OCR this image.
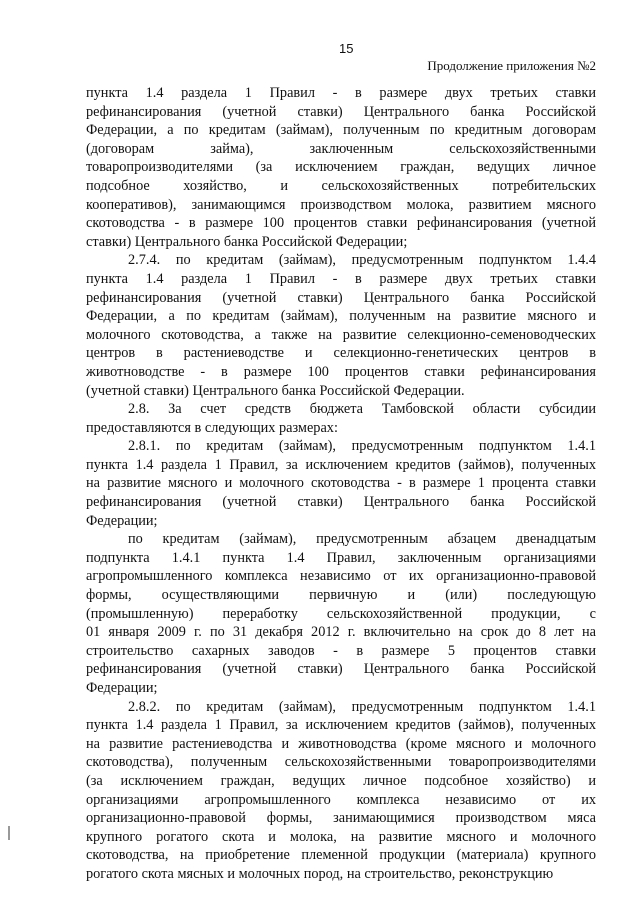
15
Продолжение приложения №2
пункта 1.4 раздела 1 Правил - в размере двух третьих ставки
рефинансирования (учетной ставки) Центрального банка Российской
Федерации, а по кредитам (займам), полученным по кредитным договорам
(договорам займа), заключенным сельскохозяйственными
товаропроизводителями (за исключением граждан, ведущих личное
подсобное хозяйство, и сельскохозяйственных потребительских
кооперативов), занимающимся производством молока, развитием мясного
скотоводства - в размере 100 процентов ставки рефинансирования (учетной
ставки) Центрального банка Российской Федерации;
2.7.4. по кредитам (займам), предусмотренным подпунктом 1.4.4
пункта 1.4 раздела 1 Правил - в размере двух третьих ставки
рефинансирования (учетной ставки) Центрального банка Российской
Федерации, а по кредитам (займам), полученным на развитие мясного и
молочного скотоводства, а также на развитие селекционно-семеноводческих
центров в растениеводстве и селекционно-генетических центров в
животноводстве - в размере 100 процентов ставки рефинансирования
(учетной ставки) Центрального банка Российской Федерации.
2.8. За счет средств бюджета Тамбовской области субсидии
предоставляются в следующих размерах:
2.8.1. по кредитам (займам), предусмотренным подпунктом 1.4.1
пункта 1.4 раздела 1 Правил, за исключением кредитов (займов), полученных
на развитие мясного и молочного скотоводства - в размере 1 процента ставки
рефинансирования (учетной ставки) Центрального банка Российской
Федерации;
по кредитам (займам), предусмотренным абзацем двенадцатым
подпункта 1.4.1 пункта 1.4 Правил, заключенным организациями
агропромышленного комплекса независимо от их организационно-правовой
формы, осуществляющими первичную и (или) последующую
(промышленную) переработку сельскохозяйственной продукции, с
01 января 2009 г. по 31 декабря 2012 г. включительно на срок до 8 лет на
строительство сахарных заводов - в размере 5 процентов ставки
рефинансирования (учетной ставки) Центрального банка Российской
Федерации;
2.8.2. по кредитам (займам), предусмотренным подпунктом 1.4.1
пункта 1.4 раздела 1 Правил, за исключением кредитов (займов), полученных
на развитие растениеводства и животноводства (кроме мясного и молочного
скотоводства), полученным сельскохозяйственными товаропроизводителями
(за исключением граждан, ведущих личное подсобное хозяйство) и
организациями агропромышленного комплекса независимо от их
организационно-правовой формы, занимающимися производством мяса
крупного рогатого скота и молока, на развитие мясного и молочного
скотоводства, на приобретение племенной продукции (материала) крупного
рогатого скота мясных и молочных пород, на строительство, реконструкцию
